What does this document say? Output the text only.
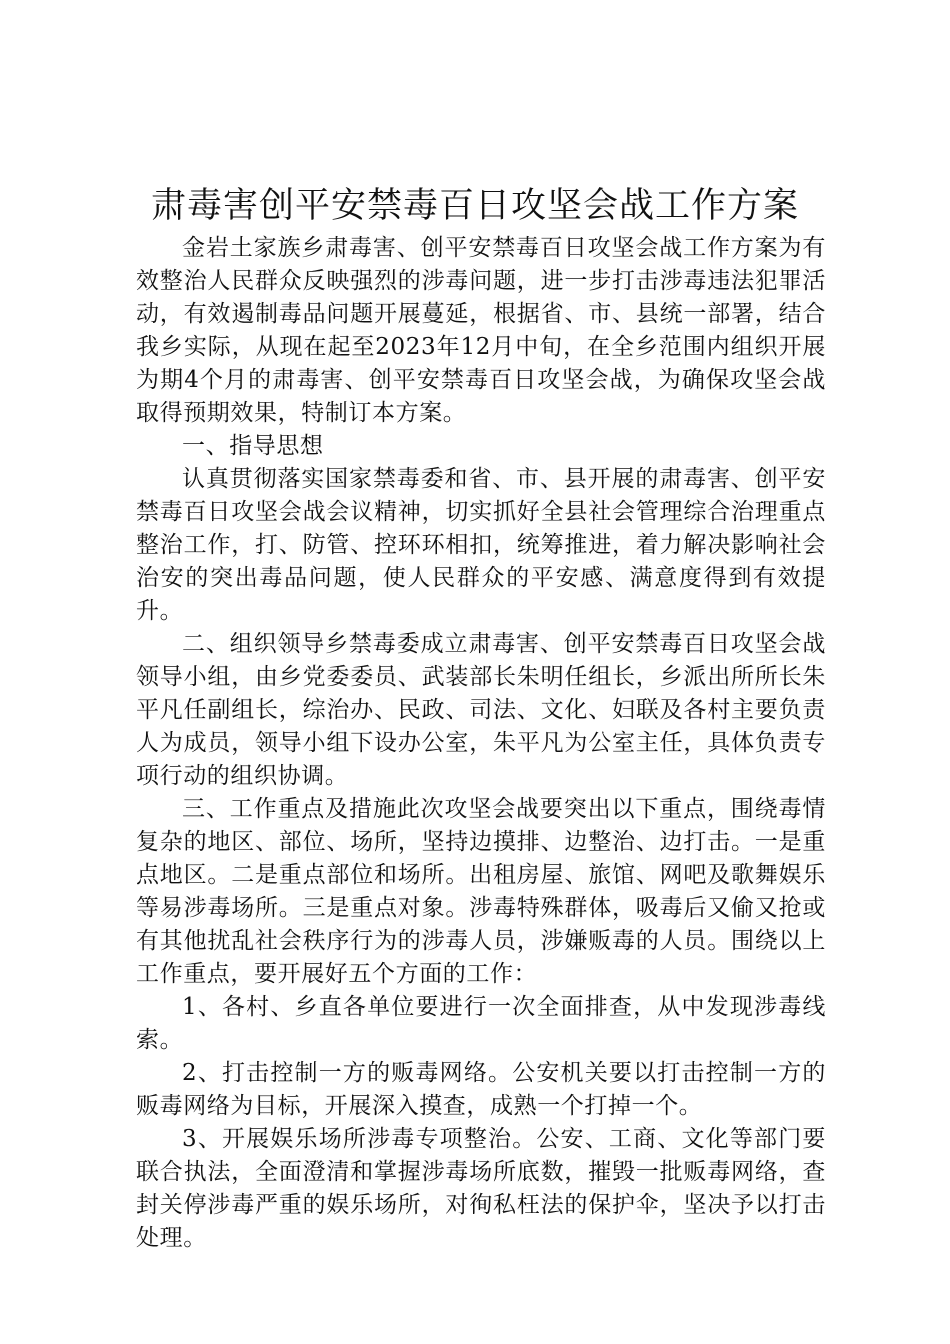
肃毒害创平安禁毒百日攻坚会战工作方案

金岩土家族乡肃毒害、创平安禁毒百日攻坚会战工作方案为有效整治人民群众反映强烈的涉毒问题，进一步打击涉毒违法犯罪活动，有效遏制毒品问题开展蔓延，根据省、市、县统一部署，结合我乡实际，从现在起至2023年12月中旬，在全乡范围内组织开展为期4个月的肃毒害、创平安禁毒百日攻坚会战，为确保攻坚会战取得预期效果，特制订本方案。

一、指导思想

认真贯彻落实国家禁毒委和省、市、县开展的肃毒害、创平安禁毒百日攻坚会战会议精神，切实抓好全县社会管理综合治理重点整治工作，打、防管、控环环相扣，统筹推进，着力解决影响社会治安的突出毒品问题，使人民群众的平安感、满意度得到有效提升。

二、组织领导乡禁毒委成立肃毒害、创平安禁毒百日攻坚会战领导小组，由乡党委委员、武装部长朱明任组长，乡派出所所长朱平凡任副组长，综治办、民政、司法、文化、妇联及各村主要负责人为成员，领导小组下设办公室，朱平凡为公室主任，具体负责专项行动的组织协调。

三、工作重点及措施此次攻坚会战要突出以下重点，围绕毒情复杂的地区、部位、场所，坚持边摸排、边整治、边打击。一是重点地区。二是重点部位和场所。出租房屋、旅馆、网吧及歌舞娱乐等易涉毒场所。三是重点对象。涉毒特殊群体，吸毒后又偷又抢或有其他扰乱社会秩序行为的涉毒人员，涉嫌贩毒的人员。围绕以上工作重点，要开展好五个方面的工作：

1、各村、乡直各单位要进行一次全面排查，从中发现涉毒线索。

2、打击控制一方的贩毒网络。公安机关要以打击控制一方的贩毒网络为目标，开展深入摸查，成熟一个打掉一个。

3、开展娱乐场所涉毒专项整治。公安、工商、文化等部门要联合执法，全面澄清和掌握涉毒场所底数，摧毁一批贩毒网络，查封关停涉毒严重的娱乐场所，对徇私枉法的保护伞，坚决予以打击处理。
